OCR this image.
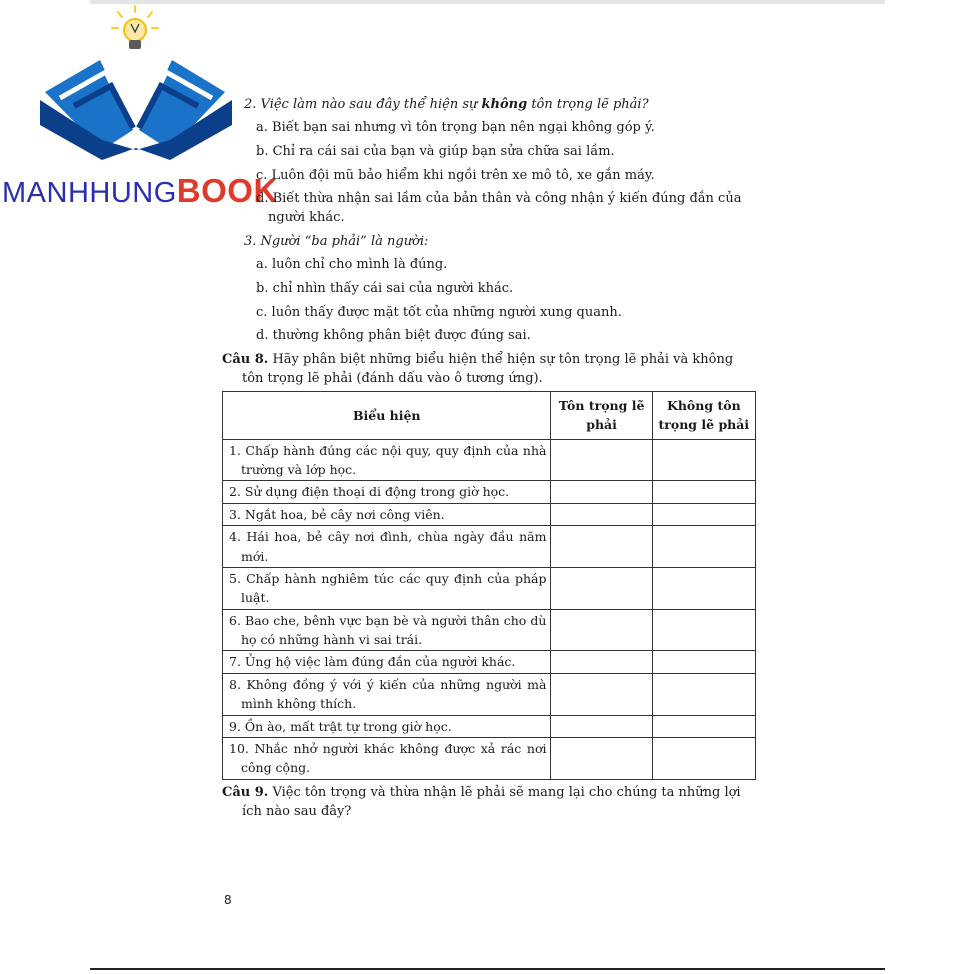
MANHHUNGBOOK
2. Việc làm nào sau đây thể hiện sự không tôn trọng lẽ phải?
a. Biết bạn sai nhưng vì tôn trọng bạn nên ngại không góp ý.
b. Chỉ ra cái sai của bạn và giúp bạn sửa chữa sai lầm.
c. Luôn đội mũ bảo hiểm khi ngồi trên xe mô tô, xe gắn máy.
d. Biết thừa nhận sai lầm của bản thân và công nhận ý kiến đúng đắn của người khác.
3. Người “ba phải” là người:
a. luôn chỉ cho mình là đúng.
b. chỉ nhìn thấy cái sai của người khác.
c. luôn thấy được mặt tốt của những người xung quanh.
d. thường không phân biệt được đúng sai.
Câu 8. Hãy phân biệt những biểu hiện thể hiện sự tôn trọng lẽ phải và không tôn trọng lẽ phải (đánh dấu vào ô tương ứng).
Biểu hiện	Tôn trọng lẽ phải	Không tôn trọng lẽ phải

1. Chấp hành đúng các nội quy, quy định của nhà trường và lớp học.		

2. Sử dụng điện thoại di động trong giờ học.		

3. Ngắt hoa, bẻ cây nơi công viên.		

4. Hái hoa, bẻ cây nơi đình, chùa ngày đầu năm mới.		

5. Chấp hành nghiêm túc các quy định của pháp luật.		

6. Bao che, bênh vực bạn bè và người thân cho dù họ có những hành vi sai trái.		

7. Ủng hộ việc làm đúng đắn của người khác.		

8. Không đồng ý với ý kiến của những người mà mình không thích.		

9. Ồn ào, mất trật tự trong giờ học.		

10. Nhắc nhở người khác không được xả rác nơi công cộng.		

Câu 9. Việc tôn trọng và thừa nhận lẽ phải sẽ mang lại cho chúng ta những lợi ích nào sau đây?
8
